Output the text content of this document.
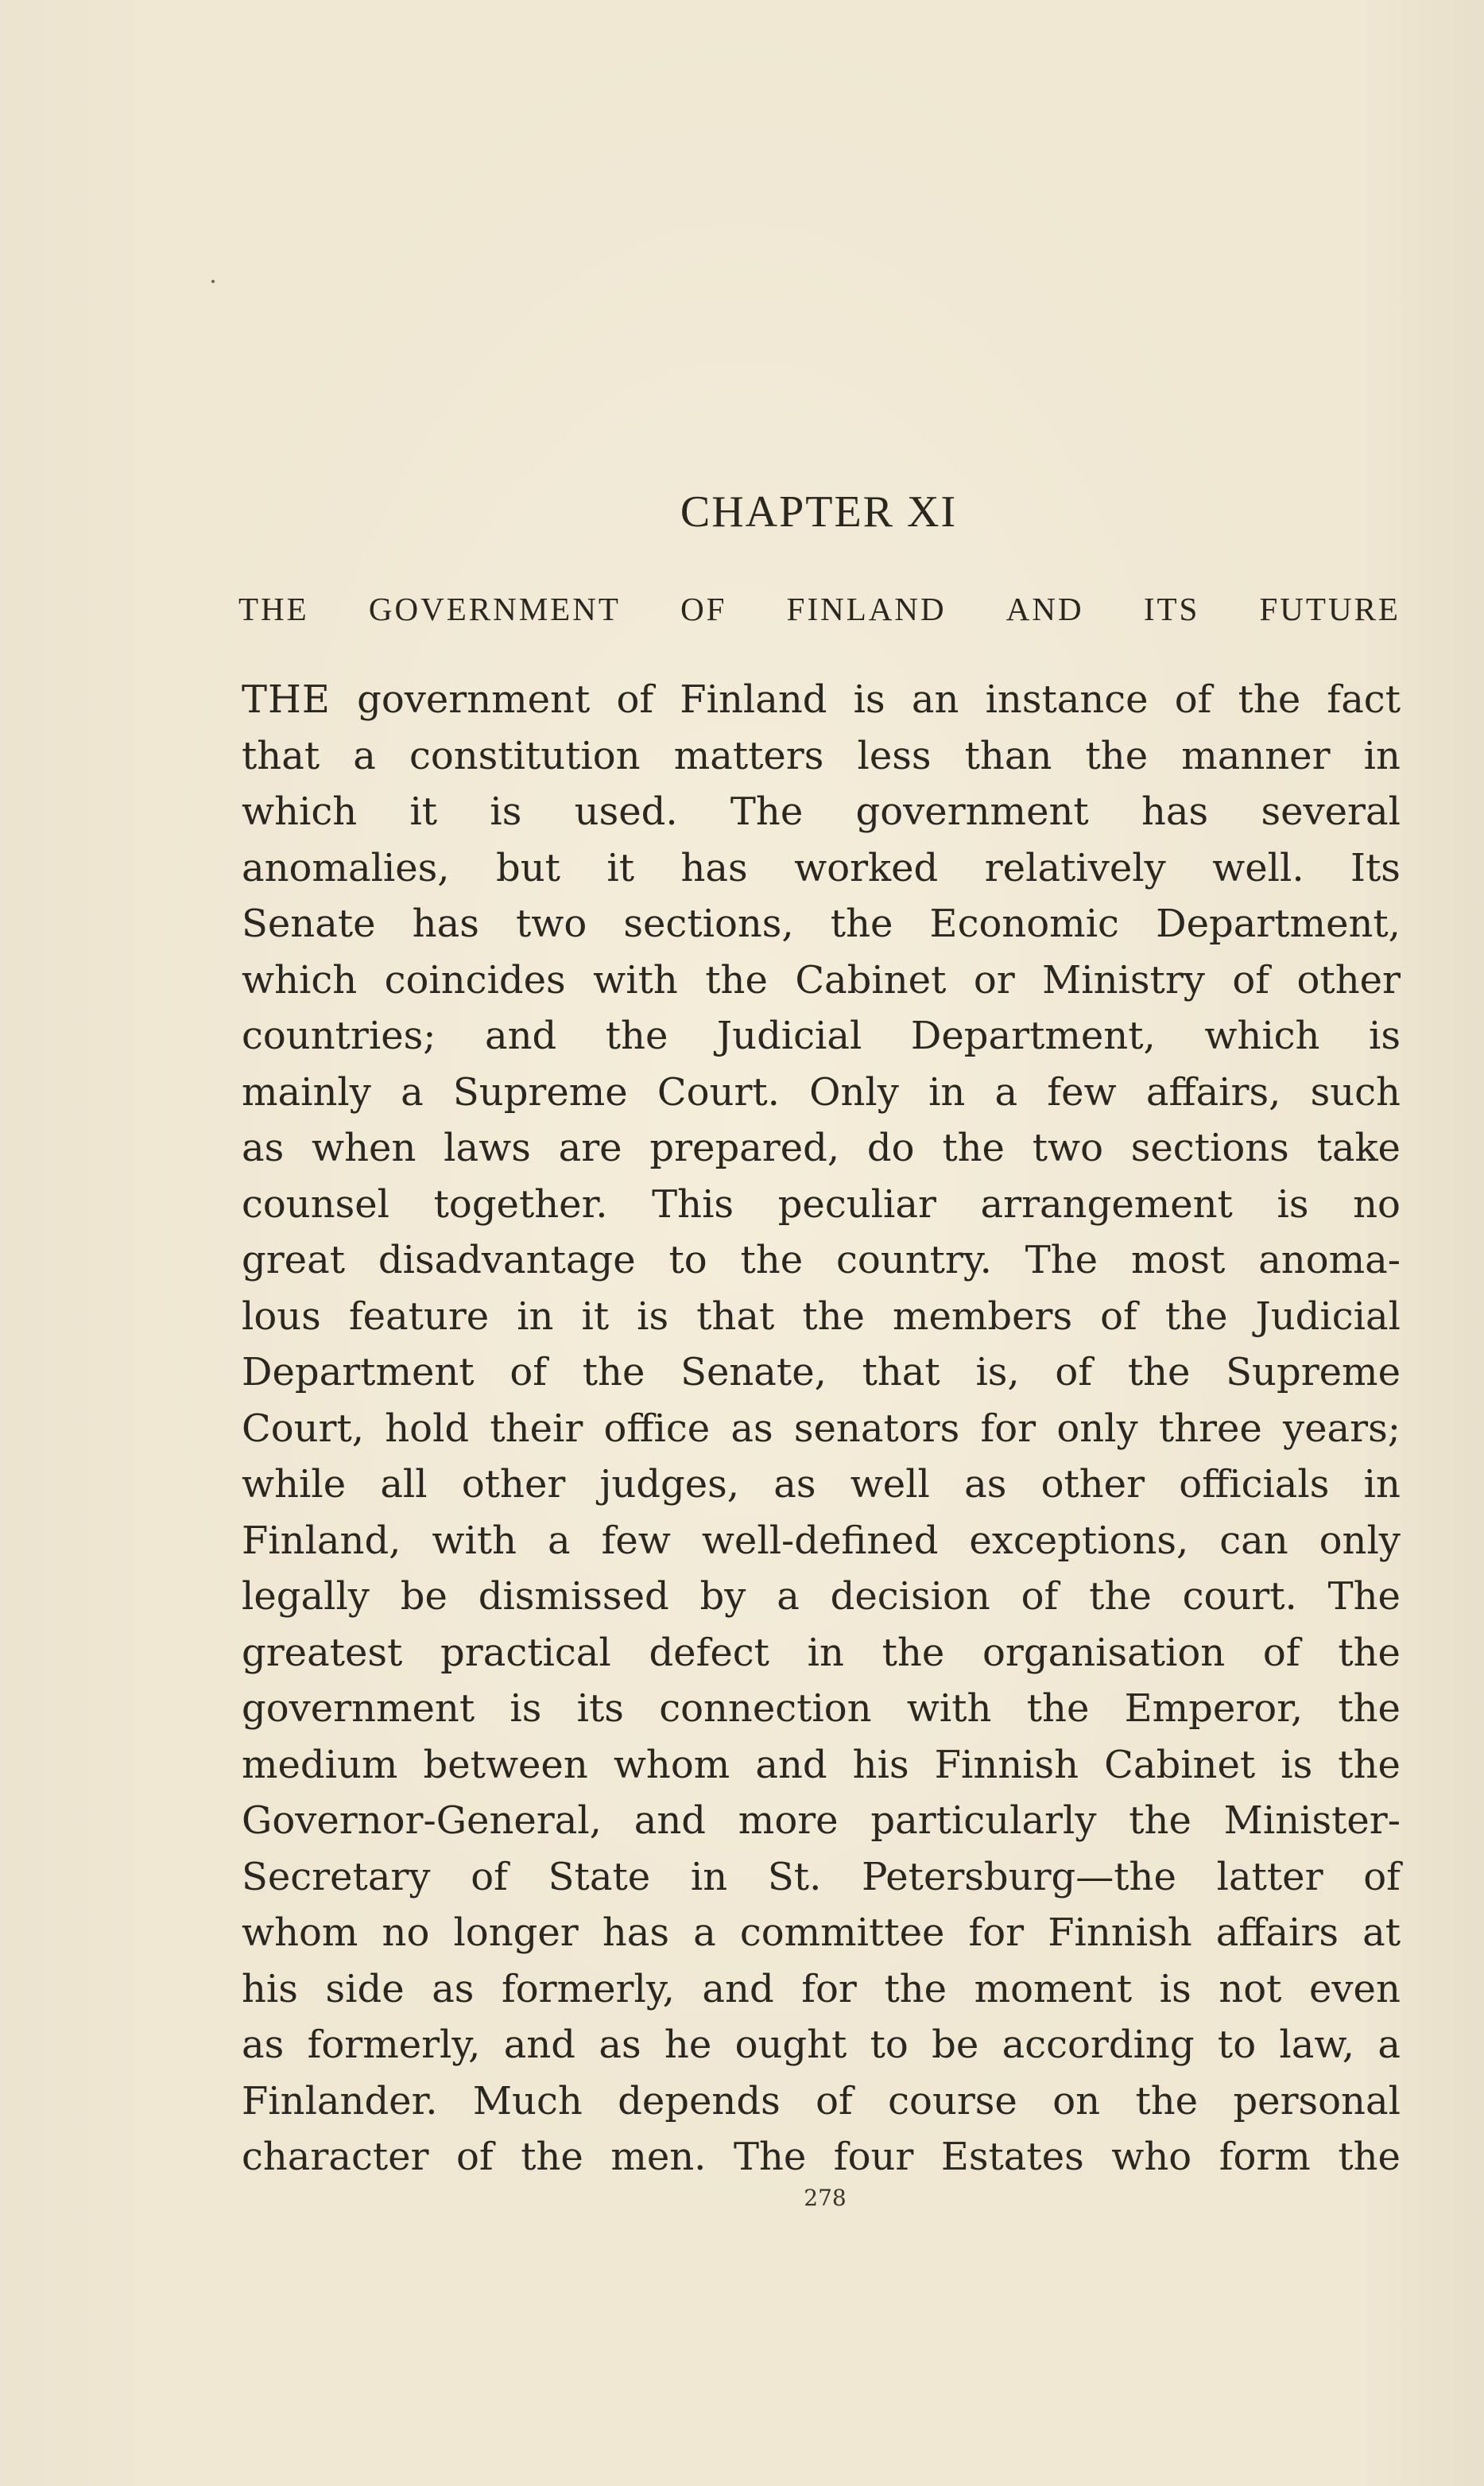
CHAPTER XI
THE GOVERNMENT OF FINLAND AND ITS FUTURE
THE government of Finland is an instance of the fact
that a constitution matters less than the manner in
which it is used. The government has several
anomalies, but it has worked relatively well. Its
Senate has two sections, the Economic Department,
which coincides with the Cabinet or Ministry of other
countries; and the Judicial Department, which is
mainly a Supreme Court. Only in a few affairs, such
as when laws are prepared, do the two sections take
counsel together. This peculiar arrangement is no
great disadvantage to the country. The most anoma-
lous feature in it is that the members of the Judicial
Department of the Senate, that is, of the Supreme
Court, hold their office as senators for only three years;
while all other judges, as well as other officials in
Finland, with a few well-defined exceptions, can only
legally be dismissed by a decision of the court. The
greatest practical defect in the organisation of the
government is its connection with the Emperor, the
medium between whom and his Finnish Cabinet is the
Governor-General, and more particularly the Minister-
Secretary of State in St. Petersburg—the latter of
whom no longer has a committee for Finnish affairs at
his side as formerly, and for the moment is not even
as formerly, and as he ought to be according to law, a
Finlander. Much depends of course on the personal
character of the men. The four Estates who form the
278
